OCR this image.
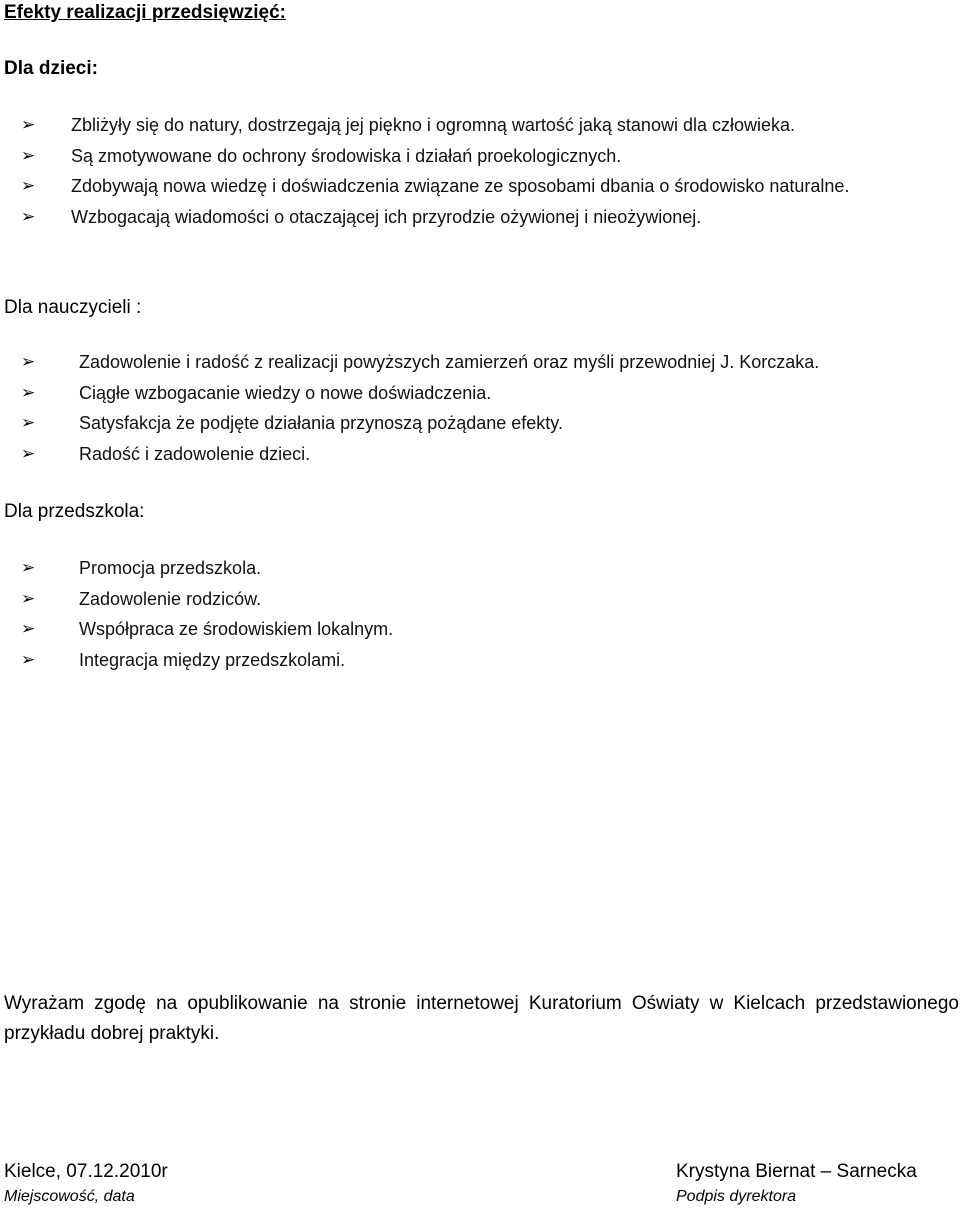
Efekty realizacji przedsięwzięć:
Dla dzieci:
➢	Zbliżyły się do natury, dostrzegają jej piękno i ogromną wartość jaką stanowi dla człowieka.
➢	Są zmotywowane do ochrony środowiska i działań proekologicznych.
➢	Zdobywają nowa wiedzę i doświadczenia związane ze sposobami dbania o środowisko naturalne.
➢	Wzbogacają wiadomości o otaczającej ich przyrodzie ożywionej i nieożywionej.
Dla nauczycieli :
➢	Zadowolenie i radość z realizacji powyższych zamierzeń oraz myśli przewodniej J. Korczaka.
➢	Ciągłe wzbogacanie wiedzy o nowe doświadczenia.
➢	Satysfakcja że podjęte działania przynoszą pożądane efekty.
➢	Radość i zadowolenie dzieci.
Dla przedszkola:
➢	Promocja przedszkola.
➢	Zadowolenie rodziców.
➢	Współpraca ze środowiskiem lokalnym.
➢	Integracja między przedszkolami.
Wyrażam zgodę na opublikowanie na stronie internetowej Kuratorium Oświaty w Kielcach przedstawionego przykładu dobrej praktyki.
Kielce, 07.12.2010r
Miejscowość, data
Krystyna Biernat – Sarnecka
Podpis dyrektora
